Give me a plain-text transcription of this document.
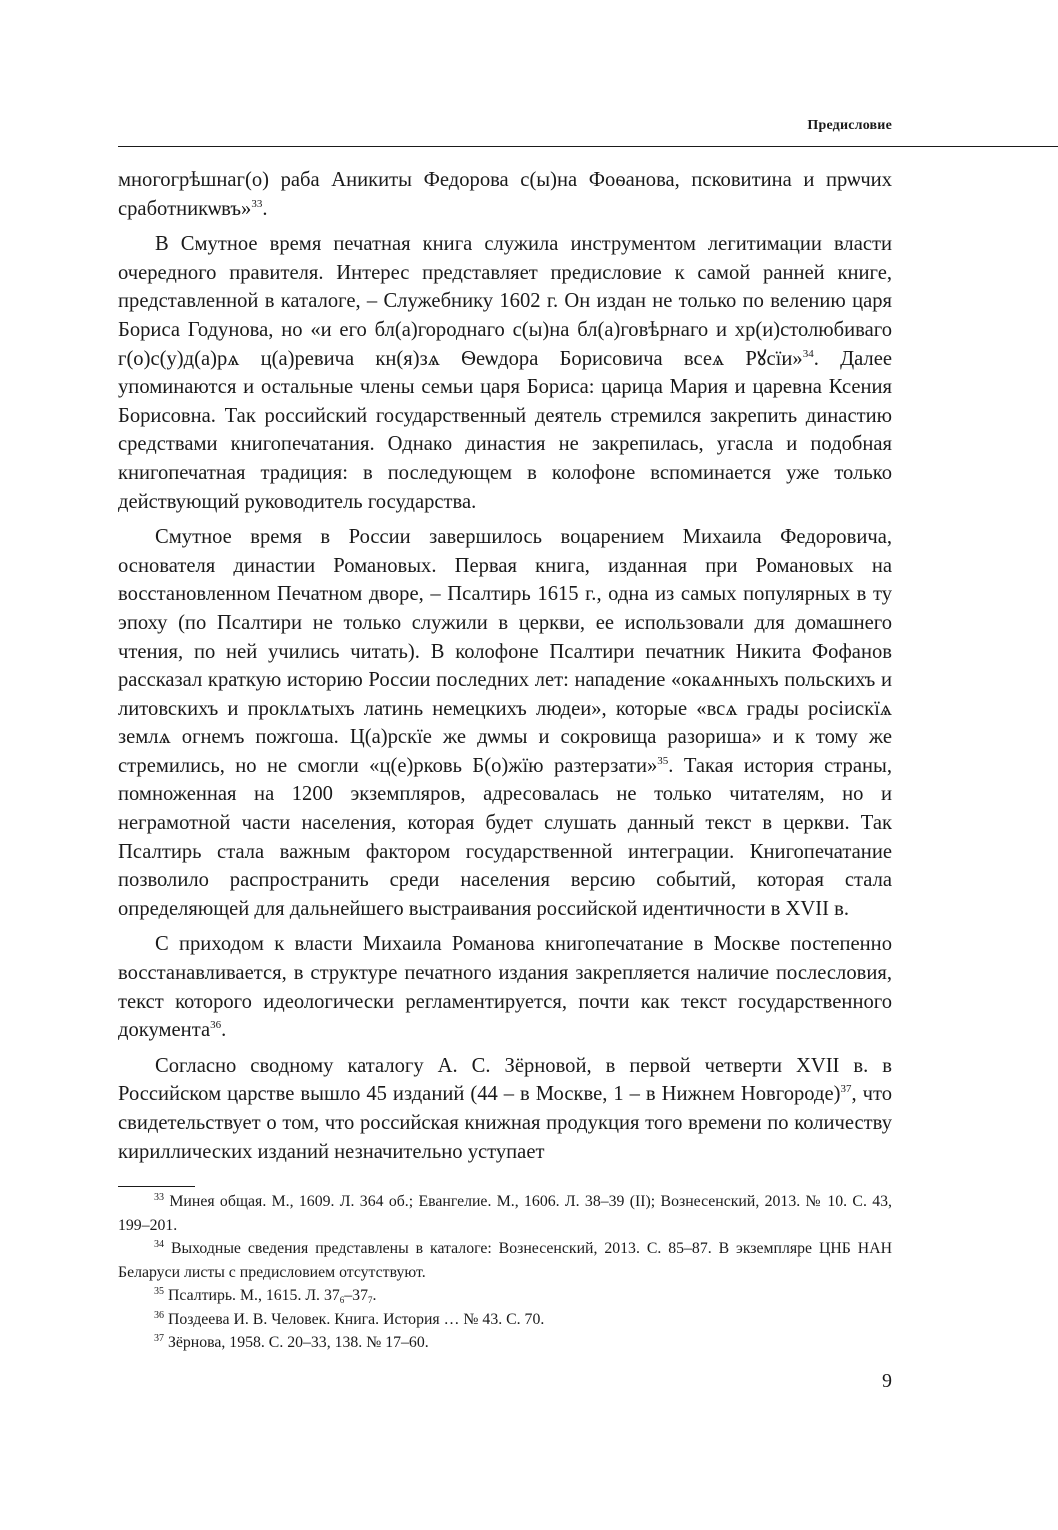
Предисловие

многогрѣшнаг(о) раба Аникиты Федорова с(ы)на Фоѳанова, псковитина и прѡчих сработникѡвъ»$^{33}$.

В Смутное время печатная книга служила инструментом легитимации власти очередного правителя. Интерес представляет предисловие к самой ранней книге, представленной в каталоге, – Служебнику 1602 г. Он издан не только по велению царя Бориса Годунова, но «и его бл(а)городнаго с(ы)на бл(а)говѣрнаго и хр(и)столюбиваго г(о)с(у)д(а)рѧ ц(а)ревича кн(я)зѧ Ѳеѡдора Борисовича всеѧ Рꙋсїи»$^{34}$. Далее упоминаются и остальные члены семьи царя Бориса: царица Мария и царевна Ксения Борисовна. Так российский государственный деятель стремился закрепить династию средствами книгопечатания. Однако династия не закрепилась, угасла и подобная книгопечатная традиция: в последующем в колофоне вспоминается уже только действующий руководитель государства.

Смутное время в России завершилось воцарением Михаила Федоровича, основателя династии Романовых. Первая книга, изданная при Романовых на восстановленном Печатном дворе, – Псалтирь 1615 г., одна из самых популярных в ту эпоху (по Псалтири не только служили в церкви, ее использовали для домашнего чтения, по ней учились читать). В колофоне Псалтири печатник Никита Фофанов рассказал краткую историю России последних лет: нападение «окаѧнныхъ польскихъ и литовскихъ и проклѧтыхъ латинь немецкихъ людеи», которые «всѧ грады росiискїѧ землѧ огнемъ пожгоша. Ц(а)рскїе же дѡмы и сокровища разориша» и к тому же стремились, но не смогли «ц(е)рковь Б(о)жїю разтерзати»$^{35}$. Такая история страны, помноженная на 1200 экземпляров, адресовалась не только читателям, но и неграмотной части населения, которая будет слушать данный текст в церкви. Так Псалтирь стала важным фактором государственной интеграции. Книгопечатание позволило распространить среди населения версию событий, которая стала определяющей для дальнейшего выстраивания российской идентичности в XVII в.

С приходом к власти Михаила Романова книгопечатание в Москве постепенно восстанавливается, в структуре печатного издания закрепляется наличие послесловия, текст которого идеологически регламентируется, почти как текст государственного документа$^{36}$.

Согласно сводному каталогу А. С. Зёрновой, в первой четверти XVII в. в Российском царстве вышло 45 изданий (44 – в Москве, 1 – в Нижнем Новгороде)$^{37}$, что свидетельствует о том, что российская книжная продукция того времени по количеству кириллических изданий незначительно уступает

$^{33}$ Минея общая. М., 1609. Л. 364 об.; Евангелие. М., 1606. Л. 38–39 (II); Вознесенский, 2013. № 10. С. 43, 199–201.

$^{34}$ Выходные сведения представлены в каталоге: Вознесенский, 2013. С. 85–87. В экземпляре ЦНБ НАН Беларуси листы с предисловием отсутствуют.

$^{35}$ Псалтирь. М., 1615. Л. $37_6-37_7$.

$^{36}$ Поздеева И. В. Человек. Книга. История … № 43. С. 70.

$^{37}$ Зёрнова, 1958. С. 20–33, 138. № 17–60.

9
